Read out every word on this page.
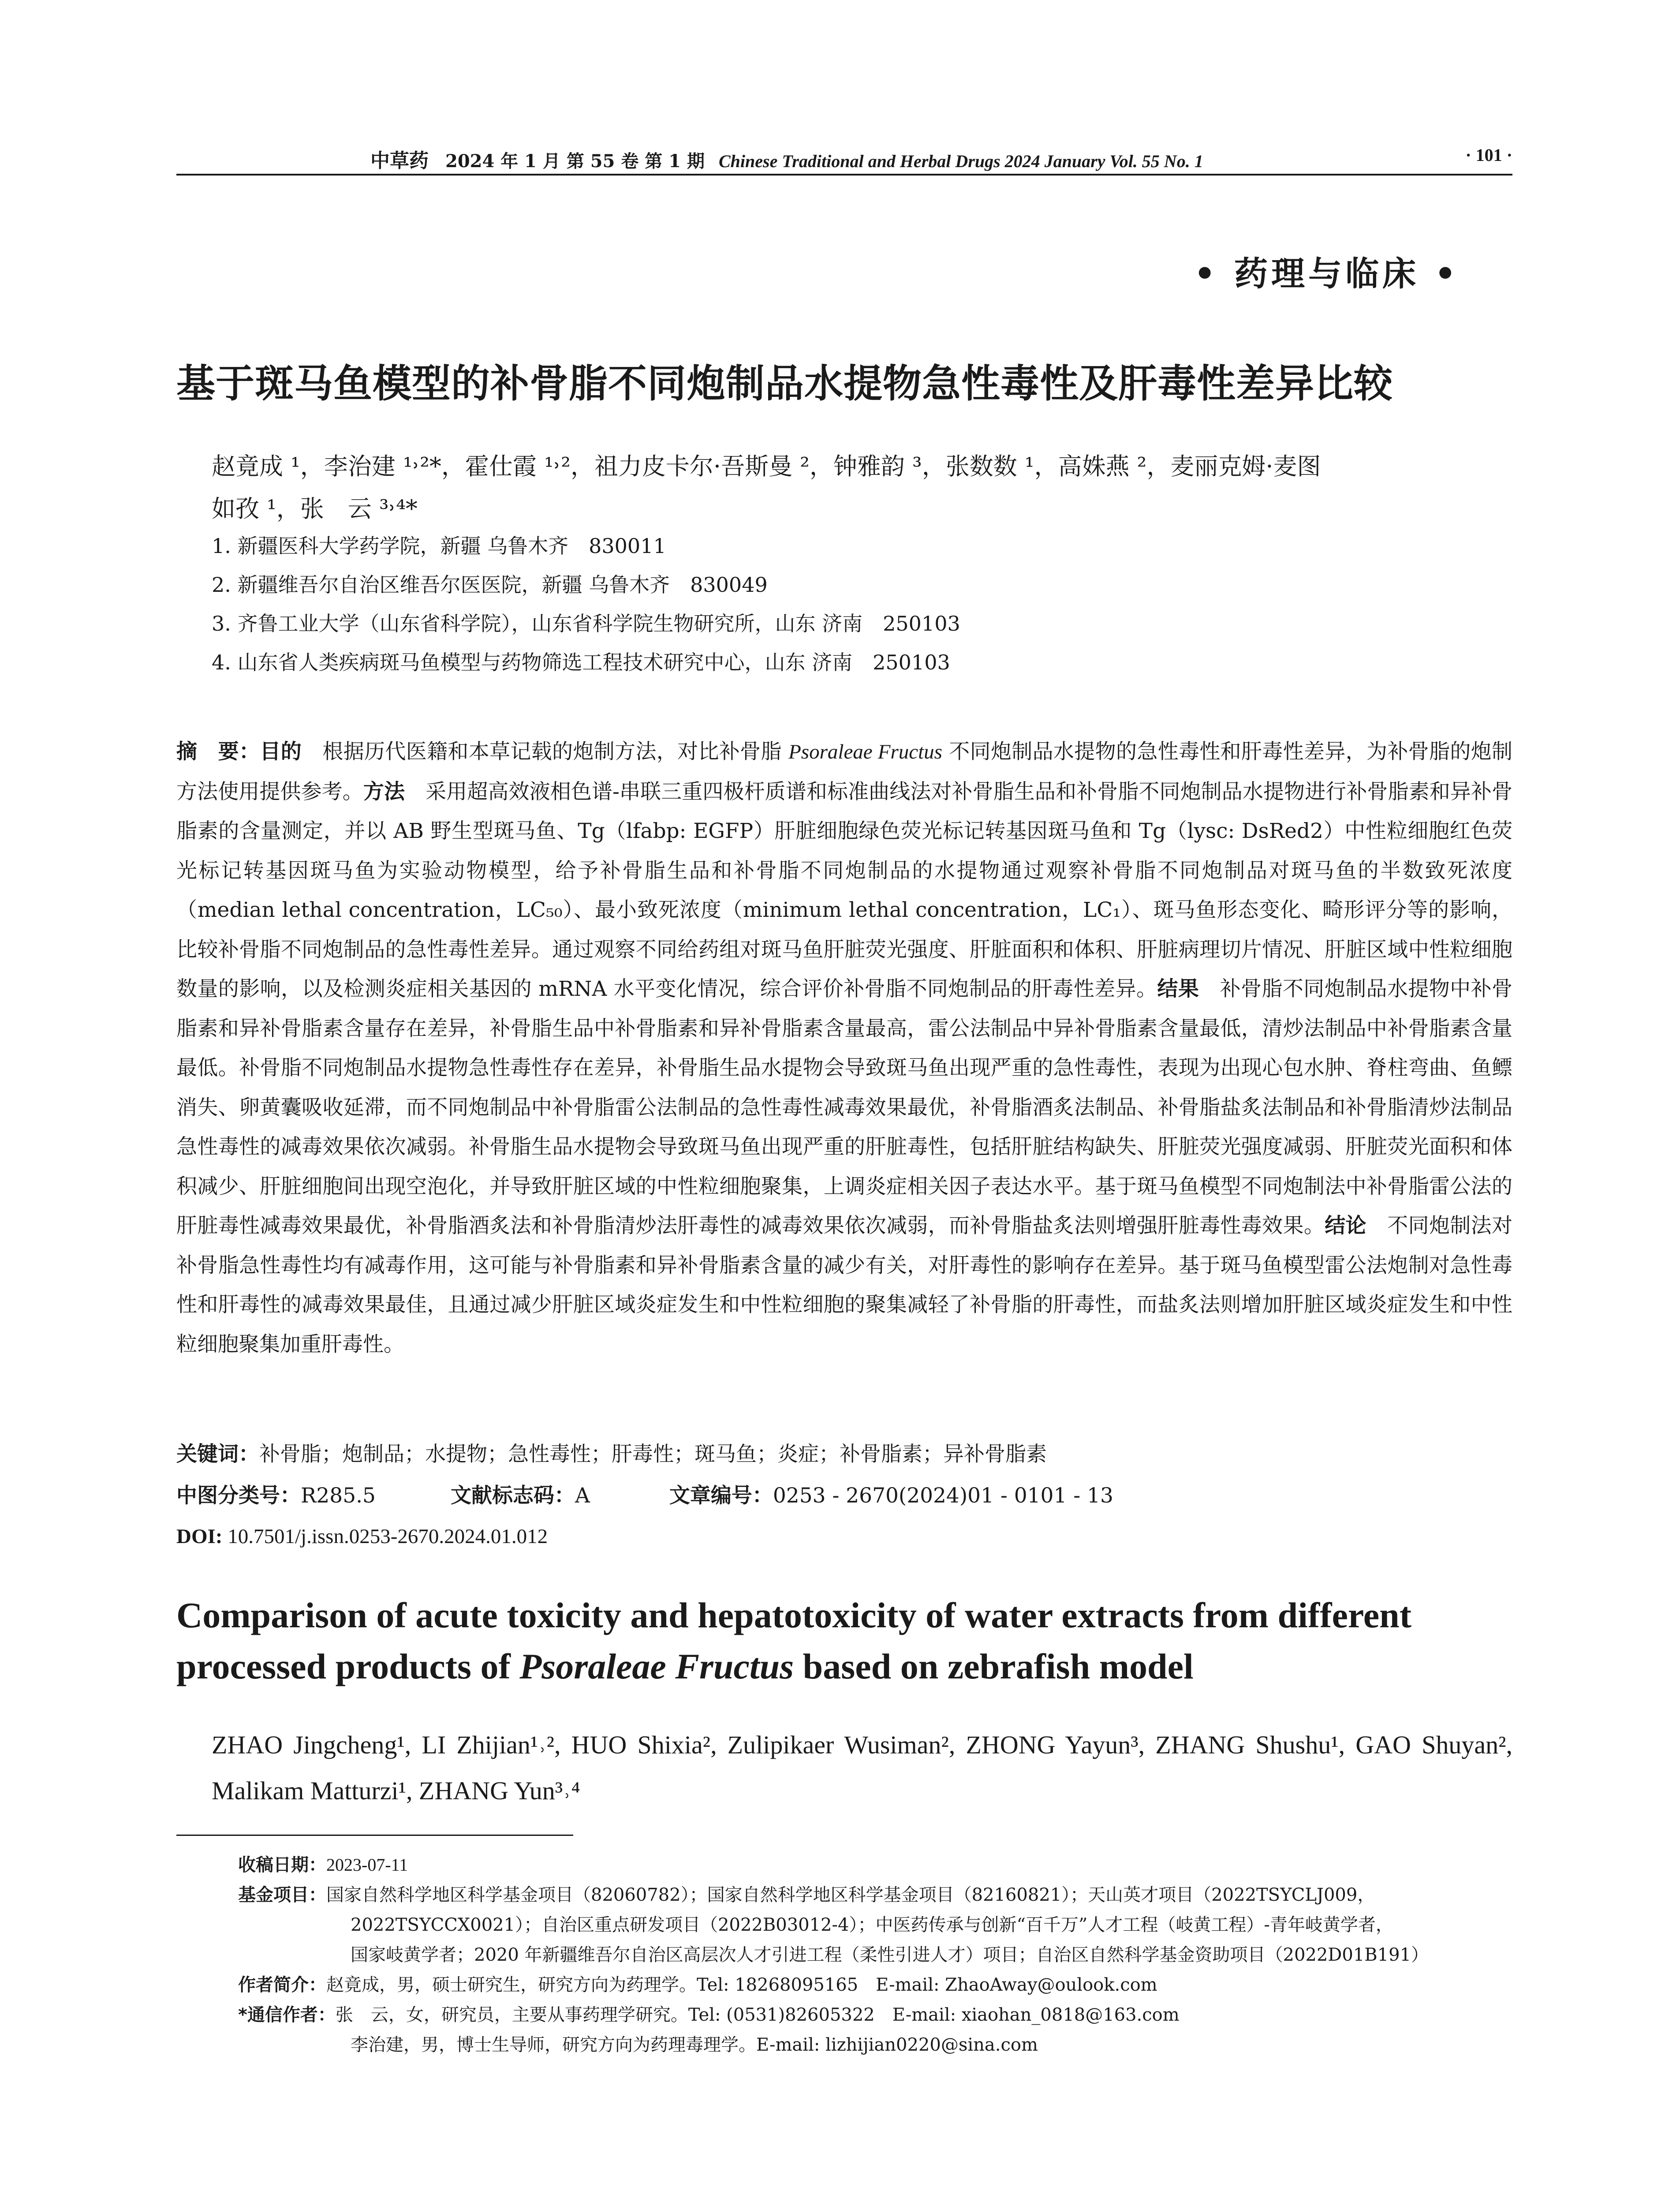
中草药 2024 年 1 月 第 55 卷 第 1 期 Chinese Traditional and Herbal Drugs 2024 January Vol. 55 No. 1	· 101 ·
• 药理与临床 •
基于斑马鱼模型的补骨脂不同炮制品水提物急性毒性及肝毒性差异比较
赵竟成 ¹，李治建 ¹˒²*，霍仕霞 ¹˒²，祖力皮卡尔·吾斯曼 ²，钟雅韵 ³，张数数 ¹，高姝燕 ²，麦丽克姆·麦图
如孜 ¹，张　云 ³˒⁴*
1. 新疆医科大学药学院，新疆 乌鲁木齐　830011
2. 新疆维吾尔自治区维吾尔医医院，新疆 乌鲁木齐　830049
3. 齐鲁工业大学（山东省科学院），山东省科学院生物研究所，山东 济南　250103
4. 山东省人类疾病斑马鱼模型与药物筛选工程技术研究中心，山东 济南　250103
摘　要：目的　根据历代医籍和本草记载的炮制方法，对比补骨脂 Psoraleae Fructus 不同炮制品水提物的急性毒性和肝毒性差异，为补骨脂的炮制方法使用提供参考。方法　采用超高效液相色谱-串联三重四极杆质谱和标准曲线法对补骨脂生品和补骨脂不同炮制品水提物进行补骨脂素和异补骨脂素的含量测定，并以 AB 野生型斑马鱼、Tg（lfabp: EGFP）肝脏细胞绿色荧光标记转基因斑马鱼和 Tg（lysc: DsRed2）中性粒细胞红色荧光标记转基因斑马鱼为实验动物模型，给予补骨脂生品和补骨脂不同炮制品的水提物通过观察补骨脂不同炮制品对斑马鱼的半数致死浓度（median lethal concentration，LC₅₀）、最小致死浓度（minimum lethal concentration，LC₁）、斑马鱼形态变化、畸形评分等的影响，比较补骨脂不同炮制品的急性毒性差异。通过观察不同给药组对斑马鱼肝脏荧光强度、肝脏面积和体积、肝脏病理切片情况、肝脏区域中性粒细胞数量的影响，以及检测炎症相关基因的 mRNA 水平变化情况，综合评价补骨脂不同炮制品的肝毒性差异。结果　补骨脂不同炮制品水提物中补骨脂素和异补骨脂素含量存在差异，补骨脂生品中补骨脂素和异补骨脂素含量最高，雷公法制品中异补骨脂素含量最低，清炒法制品中补骨脂素含量最低。补骨脂不同炮制品水提物急性毒性存在差异，补骨脂生品水提物会导致斑马鱼出现严重的急性毒性，表现为出现心包水肿、脊柱弯曲、鱼鳔消失、卵黄囊吸收延滞，而不同炮制品中补骨脂雷公法制品的急性毒性减毒效果最优，补骨脂酒炙法制品、补骨脂盐炙法制品和补骨脂清炒法制品急性毒性的减毒效果依次减弱。补骨脂生品水提物会导致斑马鱼出现严重的肝脏毒性，包括肝脏结构缺失、肝脏荧光强度减弱、肝脏荧光面积和体积减少、肝脏细胞间出现空泡化，并导致肝脏区域的中性粒细胞聚集，上调炎症相关因子表达水平。基于斑马鱼模型不同炮制法中补骨脂雷公法的肝脏毒性减毒效果最优，补骨脂酒炙法和补骨脂清炒法肝毒性的减毒效果依次减弱，而补骨脂盐炙法则增强肝脏毒性毒效果。结论　不同炮制法对补骨脂急性毒性均有减毒作用，这可能与补骨脂素和异补骨脂素含量的减少有关，对肝毒性的影响存在差异。基于斑马鱼模型雷公法炮制对急性毒性和肝毒性的减毒效果最佳，且通过减少肝脏区域炎症发生和中性粒细胞的聚集减轻了补骨脂的肝毒性，而盐炙法则增加肝脏区域炎症发生和中性粒细胞聚集加重肝毒性。
关键词：补骨脂；炮制品；水提物；急性毒性；肝毒性；斑马鱼；炎症；补骨脂素；异补骨脂素
中图分类号：R285.5	文献标志码：A	文章编号：0253 - 2670(2024)01 - 0101 - 13
DOI: 10.7501/j.issn.0253-2670.2024.01.012
Comparison of acute toxicity and hepatotoxicity of water extracts from different processed products of Psoraleae Fructus based on zebrafish model
ZHAO Jingcheng¹, LI Zhijian¹˒², HUO Shixia², Zulipikaer Wusiman², ZHONG Yayun³, ZHANG Shushu¹, GAO Shuyan², Malikam Matturzi¹, ZHANG Yun³˒⁴
收稿日期：2023-07-11
基金项目：国家自然科学地区科学基金项目（82060782）；国家自然科学地区科学基金项目（82160821）；天山英才项目（2022TSYCLJ009，
2022TSYCCX0021）；自治区重点研发项目（2022B03012-4）；中医药传承与创新“百千万”人才工程（岐黄工程）-青年岐黄学者，
国家岐黄学者；2020 年新疆维吾尔自治区高层次人才引进工程（柔性引进人才）项目；自治区自然科学基金资助项目（2022D01B191）
作者简介：赵竟成，男，硕士研究生，研究方向为药理学。Tel: 18268095165　E-mail: ZhaoAway@oulook.com
*通信作者：张　云，女，研究员，主要从事药理学研究。Tel: (0531)82605322　E-mail: xiaohan_0818@163.com
李治建，男，博士生导师，研究方向为药理毒理学。E-mail: lizhijian0220@sina.com
